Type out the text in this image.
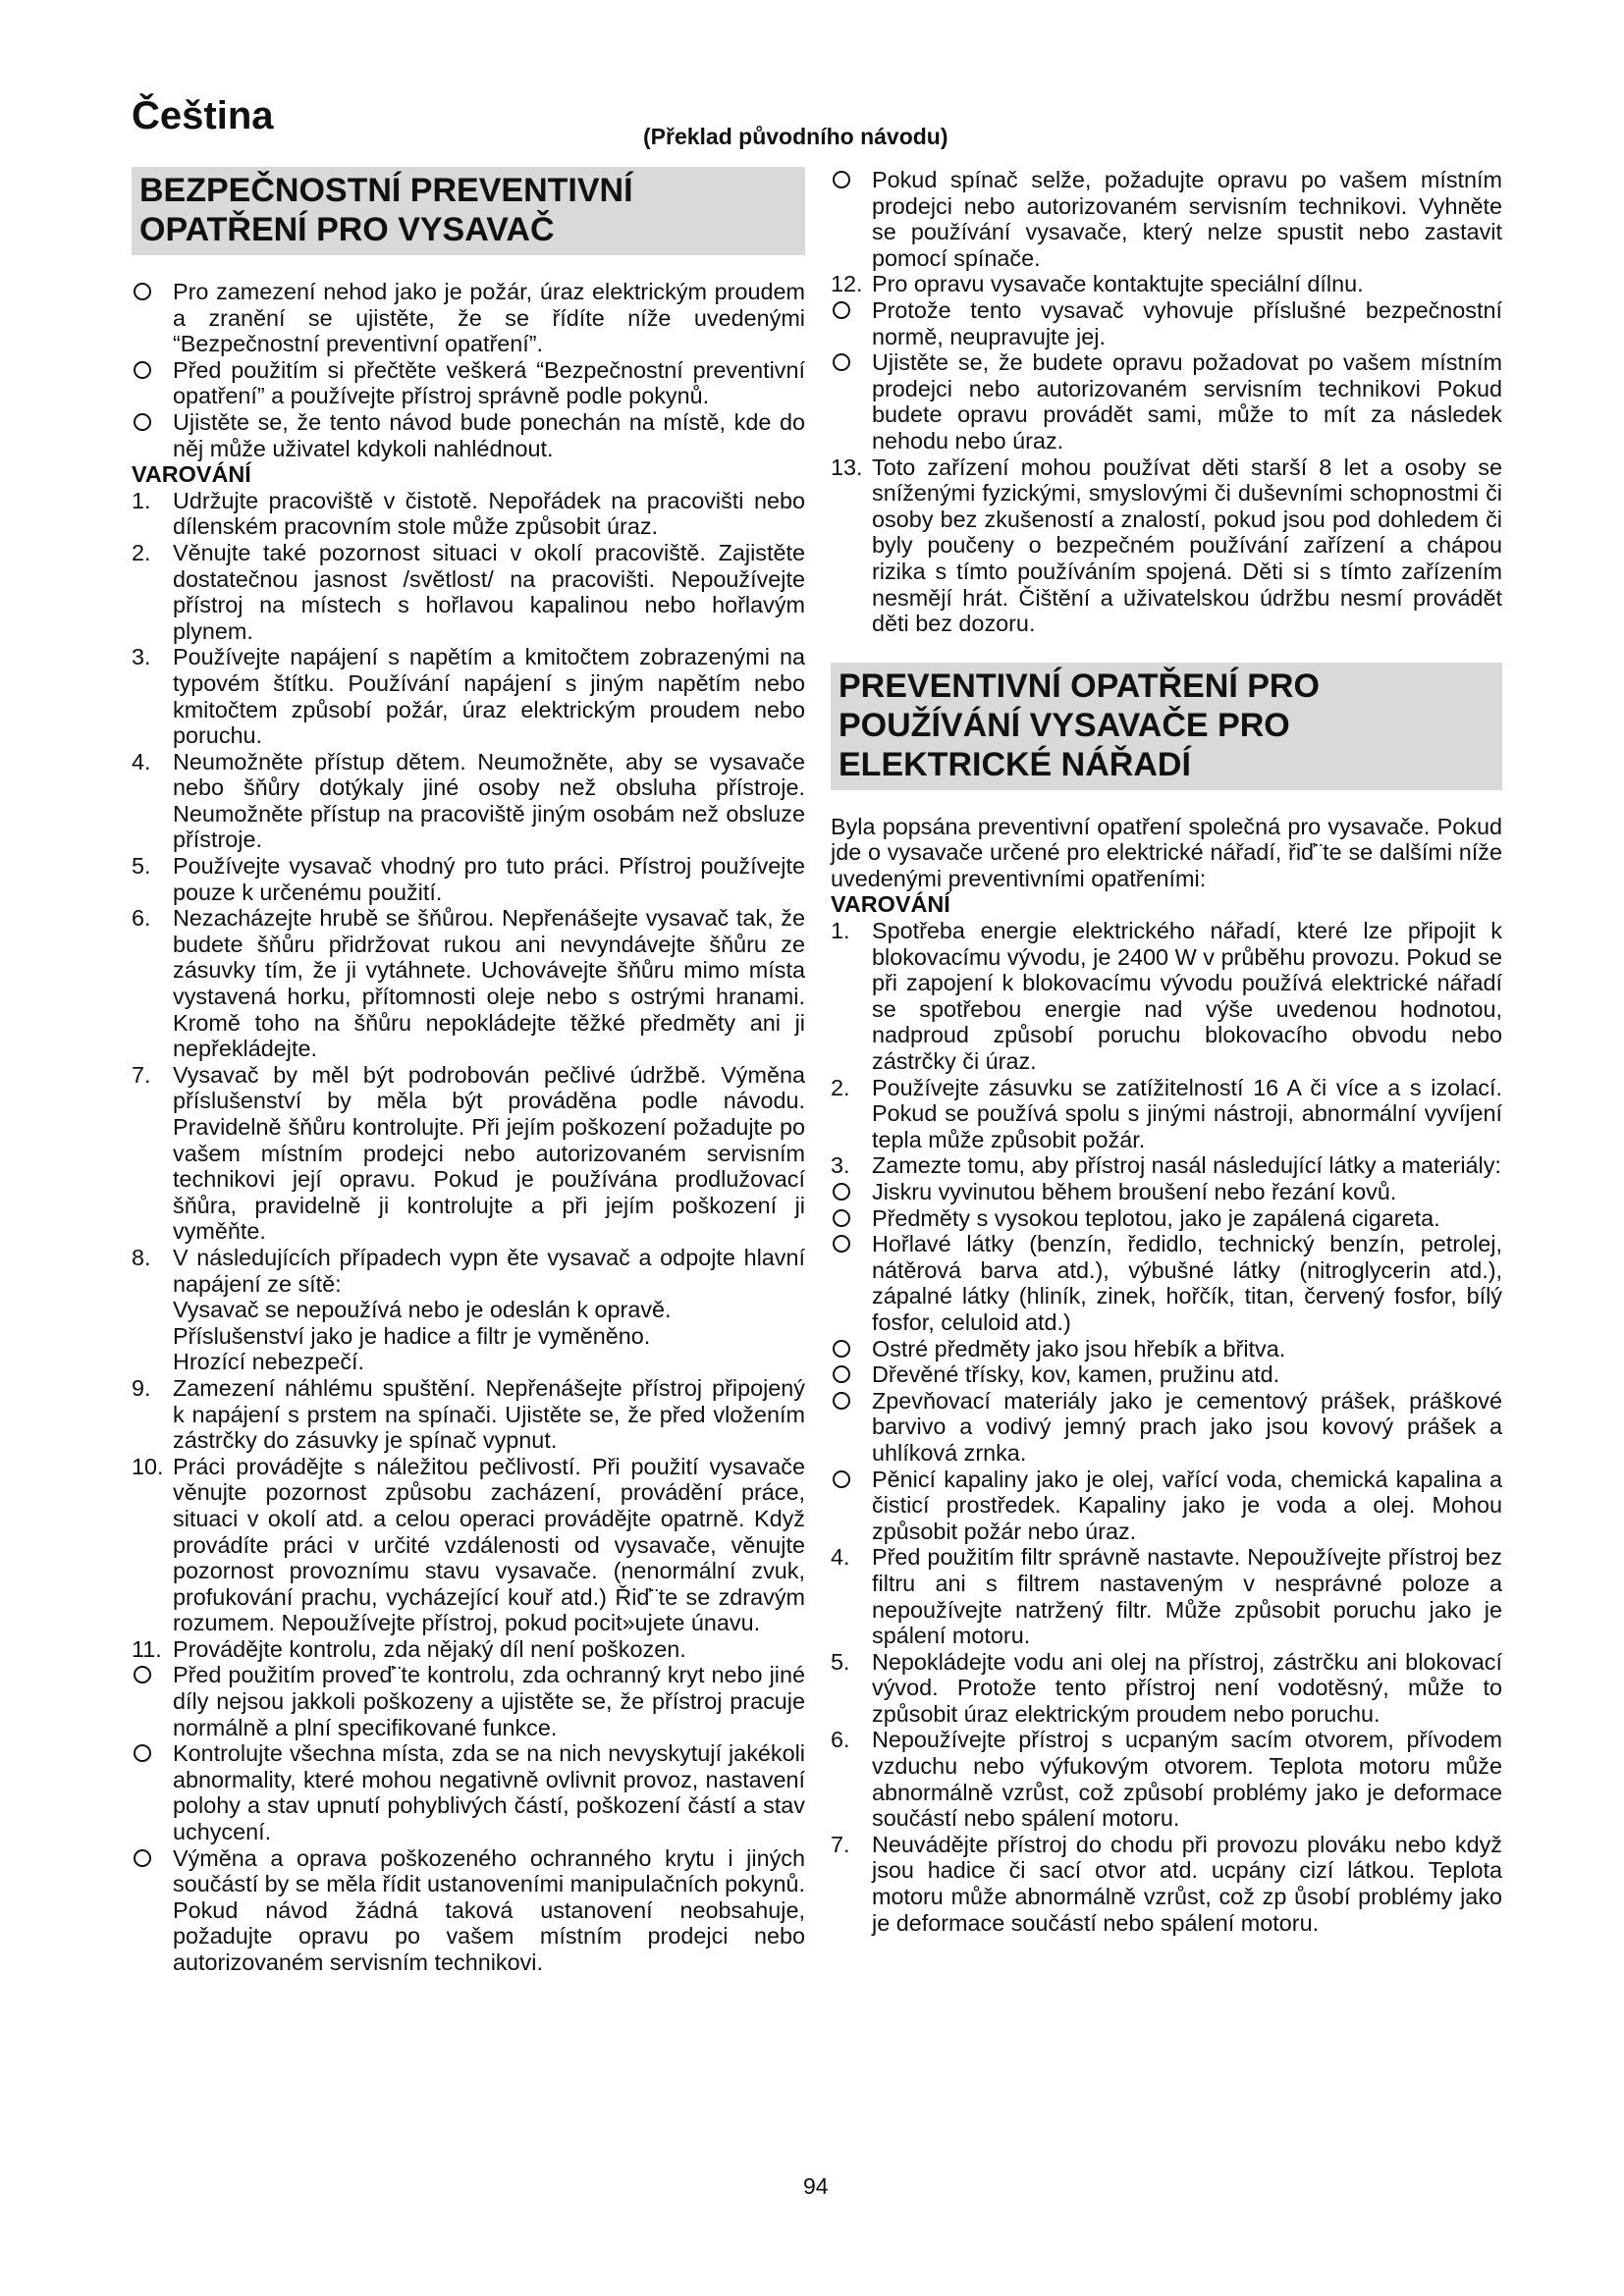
Čeština	(Překlad původního návodu)
BEZPEČNOSTNÍ PREVENTIVNÍ OPATŘENÍ PRO VYSAVAČ

Pro zamezení nehod jako je požár, úraz elektrickým proudem a zranění se ujistěte, že se řídíte níže uvedenými “Bezpečnostní preventivní opatření”.

Před použitím si přečtěte veškerá “Bezpečnostní preventivní opatření” a používejte přístroj správně podle pokynů.

Ujistěte se, že tento návod bude ponechán na místě, kde do něj může uživatel kdykoli nahlédnout.

VAROVÁNÍ

1. Udržujte pracoviště v čistotě. Nepořádek na pracovišti nebo dílenském pracovním stole může způsobit úraz.

2. Věnujte také pozornost situaci v okolí pracoviště. Zajistěte dostatečnou jasnost /světlost/ na pracovišti. Nepoužívejte přístroj na místech s hořlavou kapalinou nebo hořlavým plynem.

3. Používejte napájení s napětím a kmitočtem zobrazenými na typovém štítku. Používání napájení s jiným napětím nebo kmitočtem způsobí požár, úraz elektrickým proudem nebo poruchu.

4. Neumožněte přístup dětem. Neumožněte, aby se vysavače nebo šňůry dotýkaly jiné osoby než obsluha přístroje. Neumožněte přístup na pracoviště jiným osobám než obsluze přístroje.

5. Používejte vysavač vhodný pro tuto práci. Přístroj používejte pouze k určenému použití.

6. Nezacházejte hrubě se šňůrou. Nepřenášejte vysavač tak, že budete šňůru přidržovat rukou ani nevyndávejte šňůru ze zásuvky tím, že ji vytáhnete. Uchovávejte šňůru mimo místa vystavená horku, přítomnosti oleje nebo s ostrými hranami. Kromě toho na šňůru nepokládejte těžké předměty ani ji nepřekládejte.

7. Vysavač by měl být podrobován pečlivé údržbě. Výměna příslušenství by měla být prováděna podle návodu. Pravidelně šňůru kontrolujte. Při jejím poškození požadujte po vašem místním prodejci nebo autorizovaném servisním technikovi její opravu. Pokud je používána prodlužovací šňůra, pravidelně ji kontrolujte a při jejím poškození ji vyměňte.

8. V následujících případech vypn ěte vysavač a odpojte hlavní napájení ze sítě:

Vysavač se nepoužívá nebo je odeslán k opravě.

Příslušenství jako je hadice a filtr je vyměněno.

Hrozící nebezpečí.

9. Zamezení náhlému spuštění. Nepřenášejte přístroj připojený k napájení s prstem na spínači. Ujistěte se, že před vložením zástrčky do zásuvky je spínač vypnut.

10. Práci provádějte s náležitou pečlivostí. Při použití vysavače věnujte pozornost způsobu zacházení, provádění práce, situaci v okolí atd. a celou operaci provádějte opatrně. Když provádíte práci v určité vzdálenosti od vysavače, věnujte pozornost provoznímu stavu vysavače. (nenormální zvuk, profukování prachu, vycházející kouř atd.) Řiď¨te se zdravým rozumem. Nepoužívejte přístroj, pokud pocit»ujete únavu.

11. Provádějte kontrolu, zda nějaký díl není poškozen.

Před použitím proveď¨te kontrolu, zda ochranný kryt nebo jiné díly nejsou jakkoli poškozeny a ujistěte se, že přístroj pracuje normálně a plní specifikované funkce.

Kontrolujte všechna místa, zda se na nich nevyskytují jakékoli abnormality, které mohou negativně ovlivnit provoz, nastavení polohy a stav upnutí pohyblivých částí, poškození částí a stav uchycení.

Výměna a oprava poškozeného ochranného krytu i jiných součástí by se měla řídit ustanoveními manipulačních pokynů. Pokud návod žádná taková ustanovení neobsahuje, požadujte opravu po vašem místním prodejci nebo autorizovaném servisním technikovi.

Pokud spínač selže, požadujte opravu po vašem místním prodejci nebo autorizovaném servisním technikovi. Vyhněte se používání vysavače, který nelze spustit nebo zastavit pomocí spínače.

12. Pro opravu vysavače kontaktujte speciální dílnu.

Protože tento vysavač vyhovuje příslušné bezpečnostní normě, neupravujte jej.

Ujistěte se, že budete opravu požadovat po vašem místním prodejci nebo autorizovaném servisním technikovi Pokud budete opravu provádět sami, může to mít za následek nehodu nebo úraz.

13. Toto zařízení mohou používat děti starší 8 let a osoby se sníženými fyzickými, smyslovými či duševními schopnostmi či osoby bez zkušeností a znalostí, pokud jsou pod dohledem či byly poučeny o bezpečném používání zařízení a chápou rizika s tímto používáním spojená. Děti si s tímto zařízením nesmějí hrát. Čištění a uživatelskou údržbu nesmí provádět děti bez dozoru.

PREVENTIVNÍ OPATŘENÍ PRO POUŽÍVÁNÍ VYSAVAČE PRO ELEKTRICKÉ NÁŘADÍ

Byla popsána preventivní opatření společná pro vysavače. Pokud jde o vysavače určené pro elektrické nářadí, řiď¨te se dalšími níže uvedenými preventivními opatřeními:

VAROVÁNÍ

1. Spotřeba energie elektrického nářadí, které lze připojit k blokovacímu vývodu, je 2400 W v průběhu provozu. Pokud se při zapojení k blokovacímu vývodu používá elektrické nářadí se spotřebou energie nad výše uvedenou hodnotou, nadproud způsobí poruchu blokovacího obvodu nebo zástrčky či úraz.

2. Používejte zásuvku se zatížitelností 16 A či více a s izolací. Pokud se používá spolu s jinými nástroji, abnormální vyvíjení tepla může způsobit požár.

3. Zamezte tomu, aby přístroj nasál následující látky a materiály:

Jiskru vyvinutou během broušení nebo řezání kovů.

Předměty s vysokou teplotou, jako je zapálená cigareta.

Hořlavé látky (benzín, ředidlo, technický benzín, petrolej, nátěrová barva atd.), výbušné látky (nitroglycerin atd.), zápalné látky (hliník, zinek, hořčík, titan, červený fosfor, bílý fosfor, celuloid atd.)

Ostré předměty jako jsou hřebík a břitva.

Dřevěné třísky, kov, kamen, pružinu atd.

Zpevňovací materiály jako je cementový prášek, práškové barvivo a vodivý jemný prach jako jsou kovový prášek a uhlíková zrnka.

Pěnicí kapaliny jako je olej, vařící voda, chemická kapalina a čisticí prostředek. Kapaliny jako je voda a olej. Mohou způsobit požár nebo úraz.

4. Před použitím filtr správně nastavte. Nepoužívejte přístroj bez filtru ani s filtrem nastaveným v nesprávné poloze a nepoužívejte natržený filtr. Může způsobit poruchu jako je spálení motoru.

5. Nepokládejte vodu ani olej na přístroj, zástrčku ani blokovací vývod. Protože tento přístroj není vodotěsný, může to způsobit úraz elektrickým proudem nebo poruchu.

6. Nepoužívejte přístroj s ucpaným sacím otvorem, přívodem vzduchu nebo výfukovým otvorem. Teplota motoru může abnormálně vzrůst, což způsobí problémy jako je deformace součástí nebo spálení motoru.

7. Neuvádějte přístroj do chodu při provozu plováku nebo když jsou hadice či sací otvor atd. ucpány cizí látkou. Teplota motoru může abnormálně vzrůst, což zp ůsobí problémy jako je deformace součástí nebo spálení motoru.

94
